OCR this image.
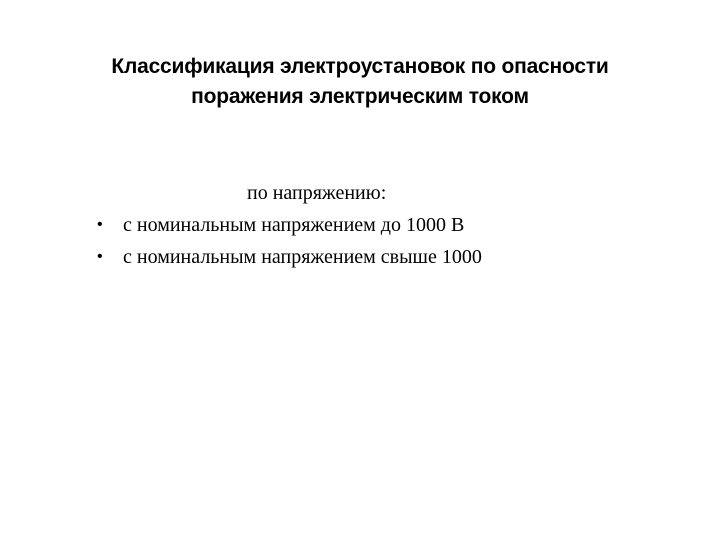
Классификация электроустановок по опасности
поражения электрическим током
по напряжению:
• с номинальным напряжением до 1000 В
• с номинальным напряжением свыше 1000
